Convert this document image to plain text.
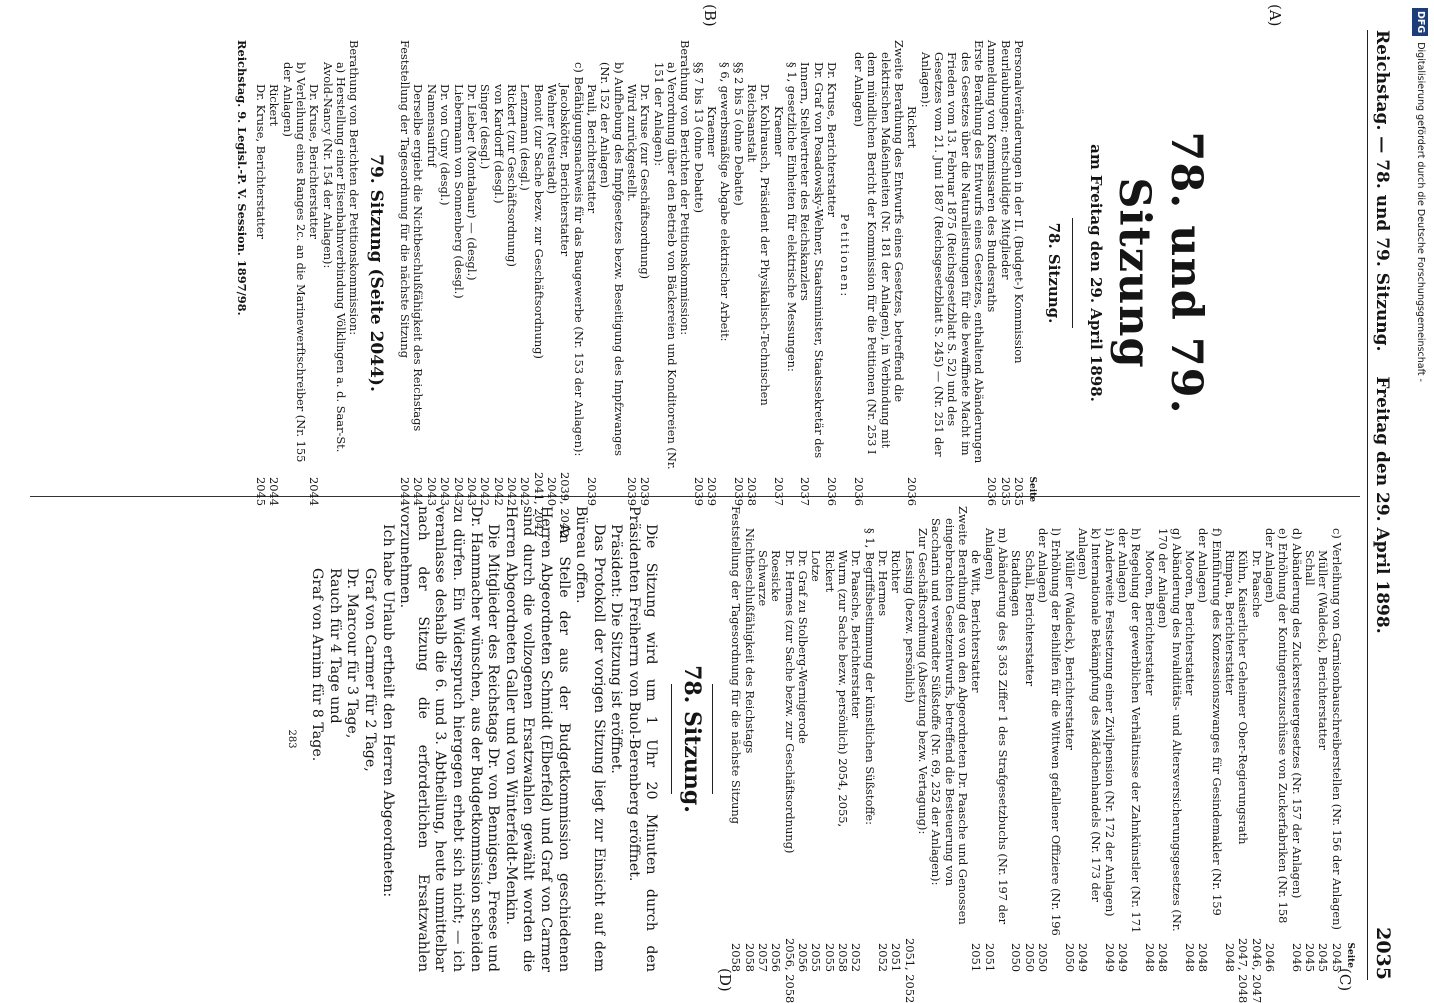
Reichstag. — 78. und 79. Sitzung.
Freitag den 29. April 1898.
2035
(A)
(B)
(C)
(D)
78. und 79. Sitzung
am Freitag den 29. April 1898.
78. Sitzung.
Seite
Personalveränderungen in der II. (Budget-) Kommission
2035
Beurlaubungen; entschuldigte Mitglieder
2035
Anmeldung von Kommissaren des Bundesraths
2036
Erste Berathung des Entwurfs eines Gesetzes, enthaltend Abänderungen des Gesetzes über die Naturalleistungen für die bewaffnete Macht im Frieden vom 13. Februar 1875 (Reichsgesetzblatt S. 52) und des Gesetzes vom 21. Juni 1887 (Reichsgesetzblatt S. 245) — (Nr. 251 der Anlagen):
Rickert
2036
Zweite Berathung des Entwurfs eines Gesetzes, betreffend die elektrischen Maßeinheiten (Nr. 181 der Anlagen), in Verbindung mit dem mündlichen Bericht der Kommission für die Petitionen (Nr. 253 I der Anlagen)
2036
Petitionen:
Dr. Kruse, Berichterstatter
2036
Dr. Graf von Posadowsky-Wehner, Staatsminister, Staatssekretär des Innern, Stellvertreter des Reichskanzlers
2037
§ 1, gesetzliche Einheiten für elektrische Messungen:
Kraemer
2037
Dr. Kohlrausch, Präsident der Physikalisch-Technischen Reichsanstalt
2038
§§ 2 bis 5 (ohne Debatte)
2039
§ 6, gewerbsmäßige Abgabe elektrischer Arbeit:
Kraemer
2039
§§ 7 bis 13 (ohne Debatte)
2039
Berathung von Berichten der Petitionskommission:
a) Verordnung über den Betrieb von Bäckereien und Konditoreien (Nr. 151 der Anlagen):
Dr. Kruse (zur Geschäftsordnung)
2039
Wird zurückgestellt.
2039
b) Aufhebung des Impfgesetzes bezw. Beseitigung des Impfzwanges (Nr. 152 der Anlagen)
Pauli, Berichterstatter
2039
c) Befähigungsnachweis für das Baugewerbe (Nr. 153 der Anlagen):
Jacobskötter, Berichterstatter
2039, 2042
Wehner (Neustadt)
2040
Benoit (zur Sache bezw. zur Geschäftsordnung)
2041, 2042
Lenzmann (desgl.)
2042
Rickert (zur Geschäftsordnung)
2042
von Kardorff (desgl.)
2042
Singer (desgl.)
2042
Dr. Lieber (Montabaur) — (desgl.)
2043
Liebermann von Sonnenberg (desgl.)
2043
Dr. von Cuny (desgl.)
2043
Namensaufruf
2043
Derselbe ergiebt die Nichtbeschlußfähigkeit des Reichstags
2044
Feststellung der Tagesordnung für die nächste Sitzung
2044
79. Sitzung (Seite 2044).
Berathung von Berichten der Petitionskommission:
a) Herstellung einer Eisenbahnverbindung Völklingen a. d. Saar-St. Avold-Nancy (Nr. 154 der Anlagen):
Dr. Kruse, Berichterstatter
2044
b) Verleihung eines Ranges 2c. an die Marinewerftschreiber (Nr. 155 der Anlagen)
Rickert
2044
Dr. Kruse, Berichterstatter
2045
Reichstag. 9. Legisl.-P. V. Session. 1897/98.
Seite
c) Verleihung von Garnisonbauschreiberstellen (Nr. 156 der Anlagen)
2045
Müller (Waldeck), Berichterstatter
2045
Schall
2045
d) Abänderung des Zuckersteuergesetzes (Nr. 157 der Anlagen)
2046
e) Erhöhung der Kontingentszuschüsse von Zuckerfabriken (Nr. 158 der Anlagen)
2046
Dr. Paasche
2046, 2047
Kühn, Kaiserlicher Geheimer Ober-Regierungsrath
2047, 2048
Rimpau, Berichterstatter
2048
f) Einführung des Konzessionszwanges für Gesindemakler (Nr. 159 der Anlagen)
2048
Mooren, Berichterstatter
2048
g) Abänderung des Invaliditäts- und Altersversicherungsgesetzes (Nr. 170 der Anlagen)
2048
Mooren, Berichterstatter
2048
h) Regelung der gewerblichen Verhältnisse der Zahnkünstler (Nr. 171 der Anlagen)
2049
i) Anderweite Festsetzung einer Zivilpension (Nr. 172 der Anlagen)
2049
k) Internationale Bekämpfung des Mädchenhandels (Nr. 173 der Anlagen)
2049
Müller (Waldeck), Berichterstatter
2050
l) Erhöhung der Beihilfen für die Wittwen gefallener Offiziere (Nr. 196 der Anlagen)
2050
Schall, Berichterstatter
2050
Stadthagen
2050
m) Abänderung des § 363 Ziffer 1 des Strafgesetzbuchs (Nr. 197 der Anlagen)
2051
de Witt, Berichterstatter
2051
Zweite Berathung des von den Abgeordneten Dr. Paasche und Genossen eingebrachten Gesetzentwurfs, betreffend die Besteuerung von Saccharin und verwandter Süßstoffe (Nr. 69, 252 der Anlagen):
Zur Geschäftsordnung (Absetzung bezw. Vertagung):
Lessing (bezw. persönlich)
2051, 2052
Richter
2051
Dr. Hermes
2052
§ 1, Begriffsbestimmung der künstlichen Süßstoffe:
Dr. Paasche, Berichterstatter
2052
Wurm (zur Sache bezw. persönlich) 2054, 2055,
2058
Rickert
2055
Lotze
2055
Dr. Graf zu Stolberg-Wernigerode
2056
Dr. Hermes (zur Sache bezw. zur Geschäftsordnung)
2056, 2058
Roesicke
2056
Schwarze
2057
Nichtbeschlußfähigkeit des Reichstags
2058
Feststellung der Tagesordnung für die nächste Sitzung
2058
78. Sitzung.

Die Sitzung wird um 1 Uhr 20 Minuten durch den Präsidenten Freiherrn von Buol-Berenberg eröffnet.

Präsident: Die Sitzung ist eröffnet.

Das Protokoll der vorigen Sitzung liegt zur Einsicht auf dem Büreau offen.

An Stelle der aus der Budgetkommission geschiedenen Herren Abgeordneten Schmidt (Elberfeld) und Graf von Carmer sind durch die vollzogenen Ersatzwahlen gewählt worden die Herren Abgeordneten Galler und von Winterfeldt-Menkin.

Die Mitglieder des Reichstags Dr. von Bennigsen, Freese und Dr. Hammacher wünschen, aus der Budgetkommission scheiden zu dürfen. Ein Widerspruch hiergegen erhebt sich nicht; — ich veranlasse deshalb die 6. und 3. Abtheilung, heute unmittelbar nach der Sitzung die erforderlichen Ersatzwahlen vorzunehmen.

Ich habe Urlaub ertheilt den Herren Abgeordneten:

Graf von Carmer für 2 Tage,

Dr. Marcour für 3 Tage,

Rauch für 4 Tage und

Graf von Arnim für 8 Tage.

283
DFGDigitalisierung gefördert durch die Deutsche Forschungsgemeinschaft -
